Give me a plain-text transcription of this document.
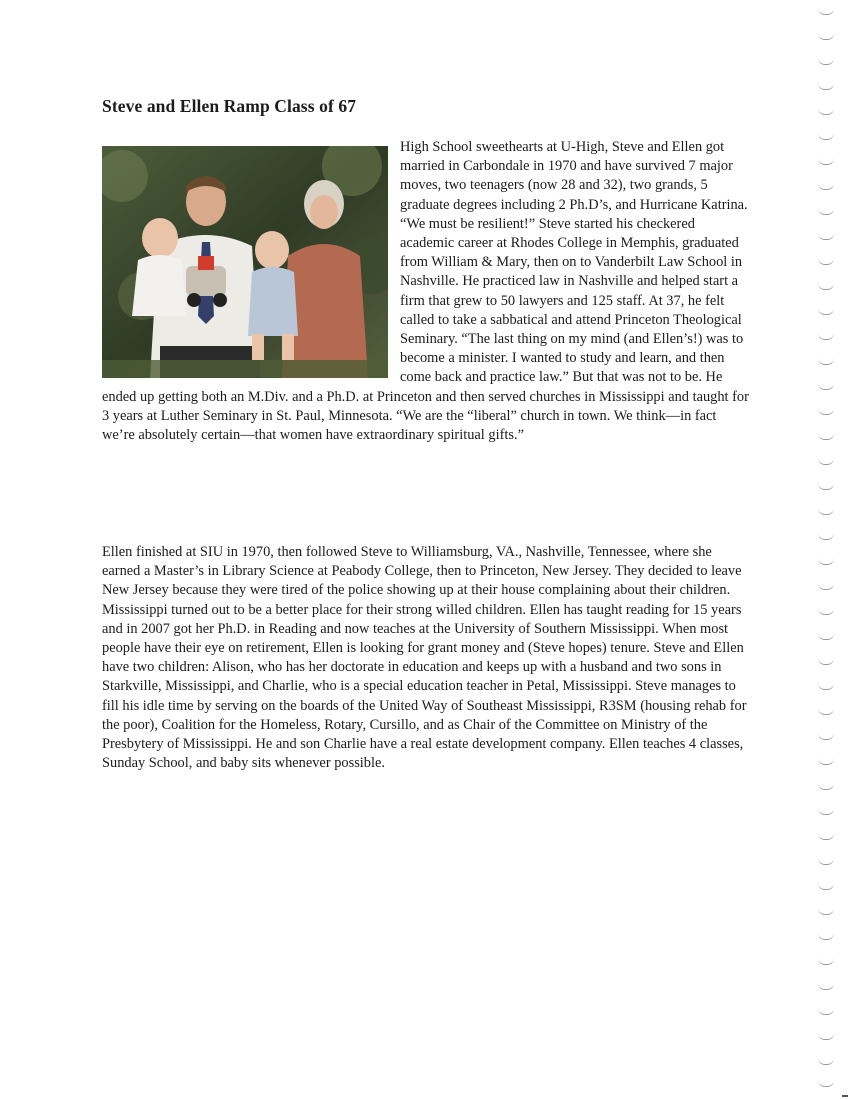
Steve and Ellen Ramp Class of 67

High School sweethearts at U-High, Steve and Ellen got married in Carbondale in 1970 and have survived 7 major moves, two teenagers (now 28 and 32), two grands, 5 graduate degrees including 2 Ph.D’s, and Hurricane Katrina. “We must be resilient!” Steve started his checkered academic career at Rhodes College in Memphis, graduated from William & Mary, then on to Vanderbilt Law School in Nashville. He practiced law in Nashville and helped start a firm that grew to 50 lawyers and 125 staff. At 37, he felt called to take a sabbatical and attend Princeton Theological Seminary. “The last thing on my mind (and Ellen’s!) was to become a minister. I wanted to study and learn, and then come back and practice law.” But that was not to be. He ended up getting both an M.Div. and a Ph.D. at Princeton and then served churches in Mississippi and taught for 3 years at Luther Seminary in St. Paul, Minnesota. “We are the “liberal” church in town. We think—in fact we’re absolutely certain—that women have extraordinary spiritual gifts.”

Ellen finished at SIU in 1970, then followed Steve to Williamsburg, VA., Nashville, Tennessee, where she earned a Master’s in Library Science at Peabody College, then to Princeton, New Jersey. They decided to leave New Jersey because they were tired of the police showing up at their house complaining about their children. Mississippi turned out to be a better place for their strong willed children. Ellen has taught reading for 15 years and in 2007 got her Ph.D. in Reading and now teaches at the University of Southern Mississippi. When most people have their eye on retirement, Ellen is looking for grant money and (Steve hopes) tenure. Steve and Ellen have two children: Alison, who has her doctorate in education and keeps up with a husband and two sons in Starkville, Mississippi, and Charlie, who is a special education teacher in Petal, Mississippi. Steve manages to fill his idle time by serving on the boards of the United Way of Southeast Mississippi, R3SM (housing rehab for the poor), Coalition for the Homeless, Rotary, Cursillo, and as Chair of the Committee on Ministry of the Presbytery of Mississippi. He and son Charlie have a real estate development company. Ellen teaches 4 classes, Sunday School, and baby sits whenever possible.
